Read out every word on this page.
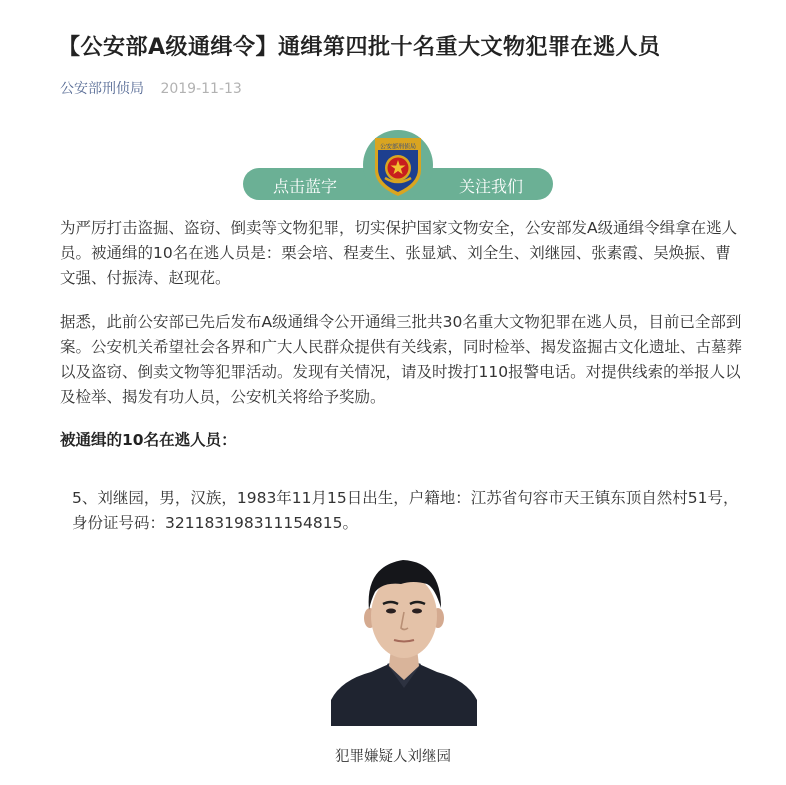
【公安部A级通缉令】通缉第四批十名重大文物犯罪在逃人员
公安部刑侦局 2019-11-13
点击蓝字	关注我们
公安部刑侦局

为严厉打击盗掘、盗窃、倒卖等文物犯罪，切实保护国家文物安全，公安部发A级通缉令缉拿在逃人员。被通缉的10名在逃人员是：栗会培、程麦生、张显斌、刘全生、刘继园、张素霞、吴焕振、曹文强、付振涛、赵现花。

据悉，此前公安部已先后发布A级通缉令公开通缉三批共30名重大文物犯罪在逃人员，目前已全部到案。公安机关希望社会各界和广大人民群众提供有关线索，同时检举、揭发盗掘古文化遗址、古墓葬以及盗窃、倒卖文物等犯罪活动。发现有关情况，请及时拨打110报警电话。对提供线索的举报人以及检举、揭发有功人员，公安机关将给予奖励。

被通缉的10名在逃人员：

5、刘继园，男，汉族，1983年11月15日出生，户籍地：江苏省句容市天王镇东顶自然村51号，身份证号码：321183198311154815。

犯罪嫌疑人刘继园
